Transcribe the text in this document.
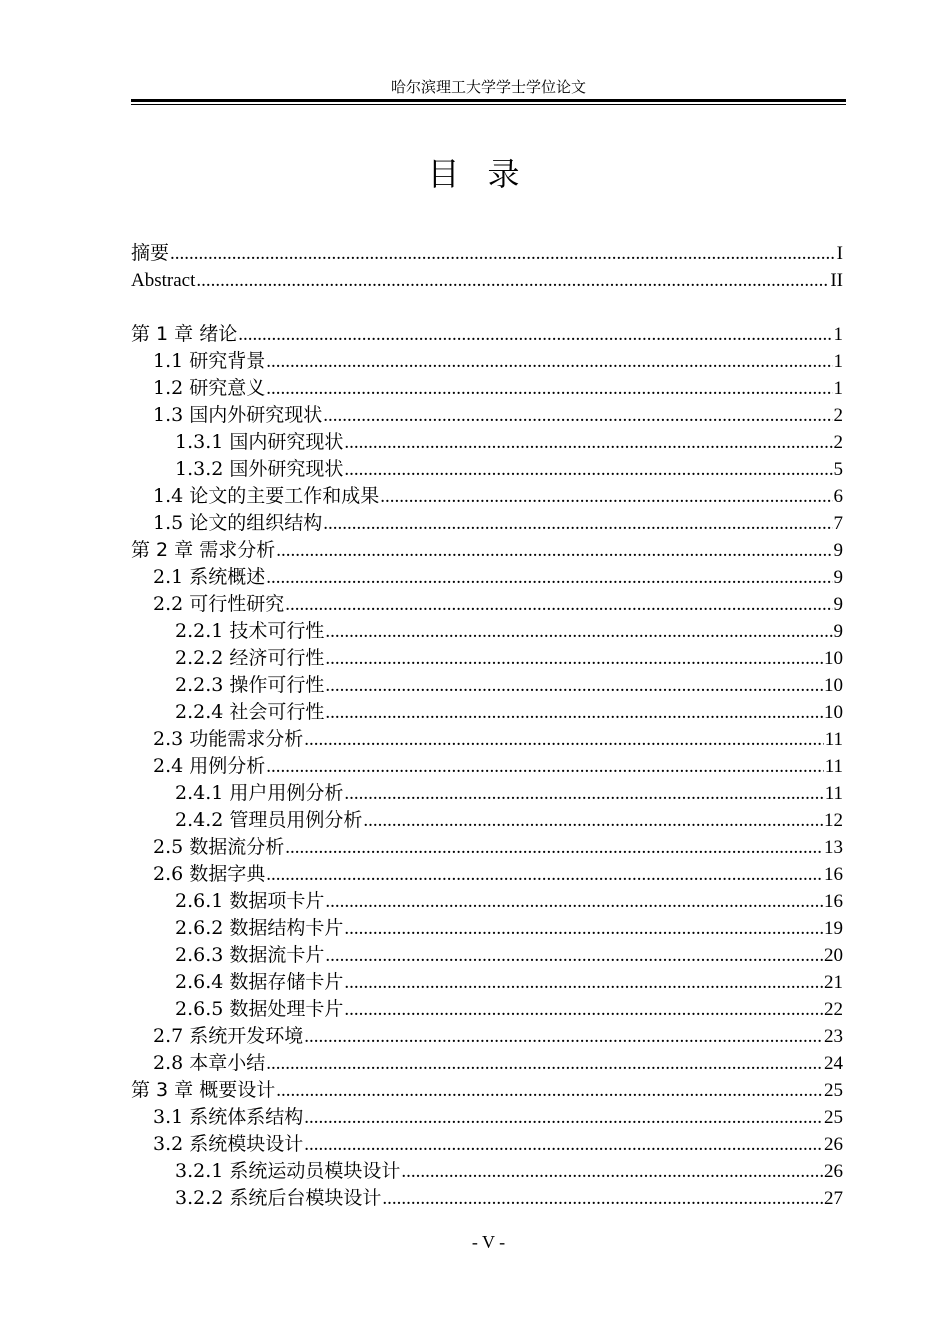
哈尔滨理工大学学士学位论文
目录
摘要 .....	I
Abstract .....	II
第 1 章 绪论 .....	1
1.1 研究背景 .....	1
1.2 研究意义 .....	1
1.3 国内外研究现状 .....	2
1.3.1 国内研究现状 .....	2
1.3.2 国外研究现状 .....	5
1.4 论文的主要工作和成果 .....	6
1.5 论文的组织结构 .....	7
第 2 章 需求分析 .....	9
2.1 系统概述 .....	9
2.2 可行性研究 .....	9
2.2.1 技术可行性 .....	9
2.2.2 经济可行性 .....	10
2.2.3 操作可行性 .....	10
2.2.4 社会可行性 .....	10
2.3 功能需求分析 .....	11
2.4 用例分析 .....	11
2.4.1 用户用例分析 .....	11
2.4.2 管理员用例分析 .....	12
2.5 数据流分析 .....	13
2.6 数据字典 .....	16
2.6.1 数据项卡片 .....	16
2.6.2 数据结构卡片 .....	19
2.6.3 数据流卡片 .....	20
2.6.4 数据存储卡片 .....	21
2.6.5 数据处理卡片 .....	22
2.7 系统开发环境 .....	23
2.8 本章小结 .....	24
第 3 章 概要设计 .....	25
3.1 系统体系结构 .....	25
3.2 系统模块设计 .....	26
3.2.1 系统运动员模块设计 .....	26
3.2.2 系统后台模块设计 .....	27
- V -
